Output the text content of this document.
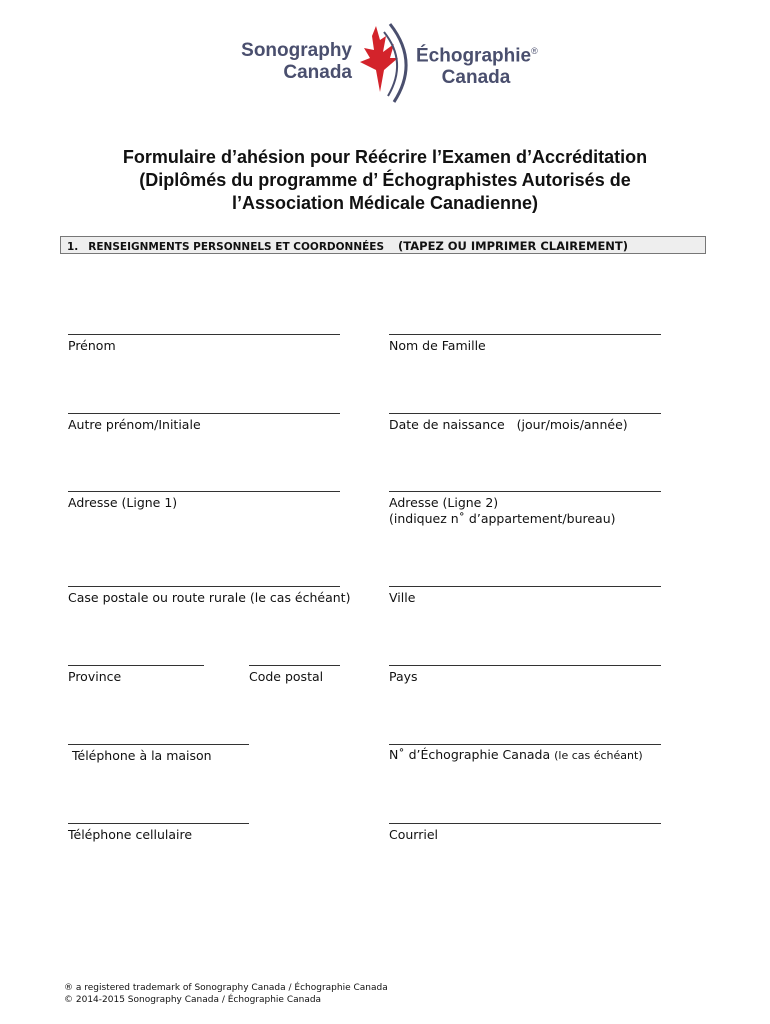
Sonography
Canada
Échographie®
Canada
Formulaire d’ahésion pour Réécrire l’Examen d’Accréditation
(Diplômés du programme d’ Échographistes Autorisés de
l’Association Médicale Canadienne)
1. RENSEIGNMENTS PERSONNELS ET COORDONNÉES (TAPEZ OU IMPRIMER CLAIREMENT)
Prénom	Nom de Famille
Autre prénom/Initiale	Date de naissance (jour/mois/année)
Adresse (Ligne 1)	Adresse (Ligne 2)
(indiquez n˚ d’appartement/bureau)
Case postale ou route rurale (le cas échéant)	Ville
Province	Code postal	Pays
Téléphone à la maison	N˚ d’Échographie Canada (le cas échéant)
Téléphone cellulaire	Courriel
® a registered trademark of Sonography Canada / Échographie Canada
© 2014-2015 Sonography Canada / Échographie Canada
